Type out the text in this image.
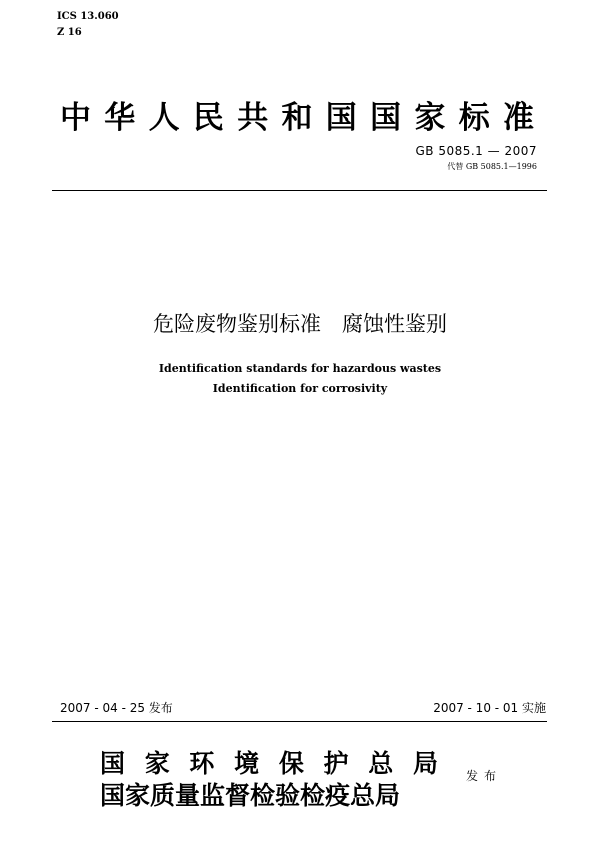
ICS 13.060
Z 16
中华人民共和国国家标准
GB 5085.1 — 2007
代替 GB 5085.1—1996
危险废物鉴别标准　腐蚀性鉴别
Identification standards for hazardous wastes
Identification for corrosivity
2007 - 04 - 25 发布	2007 - 10 - 01 实施
国家环境保护总局
国家质量监督检验检疫总局
发布
